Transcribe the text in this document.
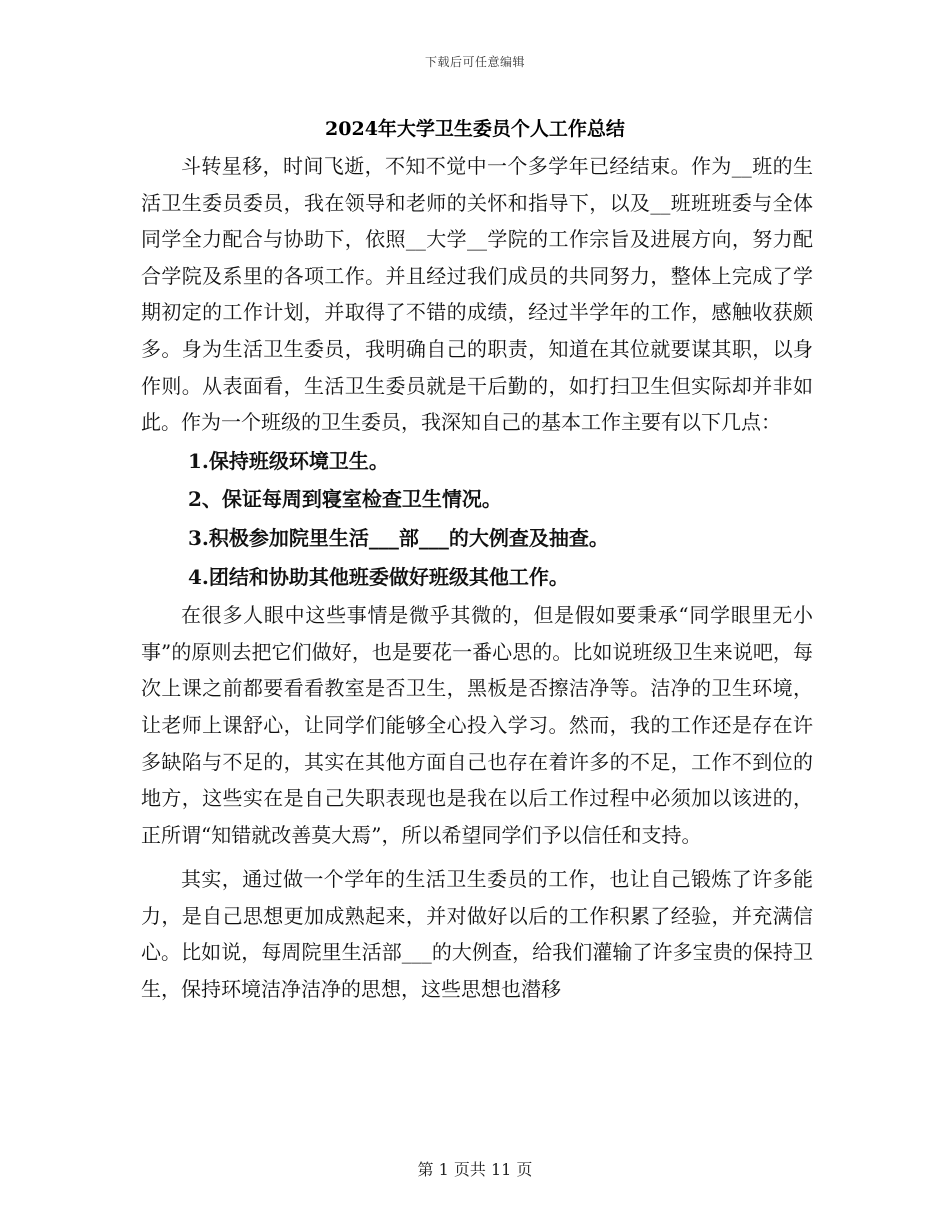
下载后可任意编辑
2024年大学卫生委员个人工作总结

斗转星移，时间飞逝，不知不觉中一个多学年已经结束。作为__班的生活卫生委员委员，我在领导和老师的关怀和指导下，以及__班班班委与全体同学全力配合与协助下，依照__大学__学院的工作宗旨及进展方向，努力配合学院及系里的各项工作。并且经过我们成员的共同努力，整体上完成了学期初定的工作计划，并取得了不错的成绩，经过半学年的工作，感触收获颇多。身为生活卫生委员，我明确自己的职责，知道在其位就要谋其职，以身作则。从表面看，生活卫生委员就是干后勤的，如打扫卫生但实际却并非如此。作为一个班级的卫生委员，我深知自己的基本工作主要有以下几点：

1.保持班级环境卫生。

2、保证每周到寝室检查卫生情况。

3.积极参加院里生活___部___的大例查及抽查。

4.团结和协助其他班委做好班级其他工作。

在很多人眼中这些事情是微乎其微的，但是假如要秉承“同学眼里无小事”的原则去把它们做好，也是要花一番心思的。比如说班级卫生来说吧，每次上课之前都要看看教室是否卫生，黑板是否擦洁净等。洁净的卫生环境，让老师上课舒心，让同学们能够全心投入学习。然而，我的工作还是存在许多缺陷与不足的，其实在其他方面自己也存在着许多的不足，工作不到位的地方，这些实在是自己失职表现也是我在以后工作过程中必须加以该进的，正所谓“知错就改善莫大焉”，所以希望同学们予以信任和支持。

其实，通过做一个学年的生活卫生委员的工作，也让自己锻炼了许多能力，是自己思想更加成熟起来，并对做好以后的工作积累了经验，并充满信心。比如说，每周院里生活部___的大例查，给我们灌输了许多宝贵的保持卫生，保持环境洁净洁净的思想，这些思想也潜移

第 1 页共 11 页
